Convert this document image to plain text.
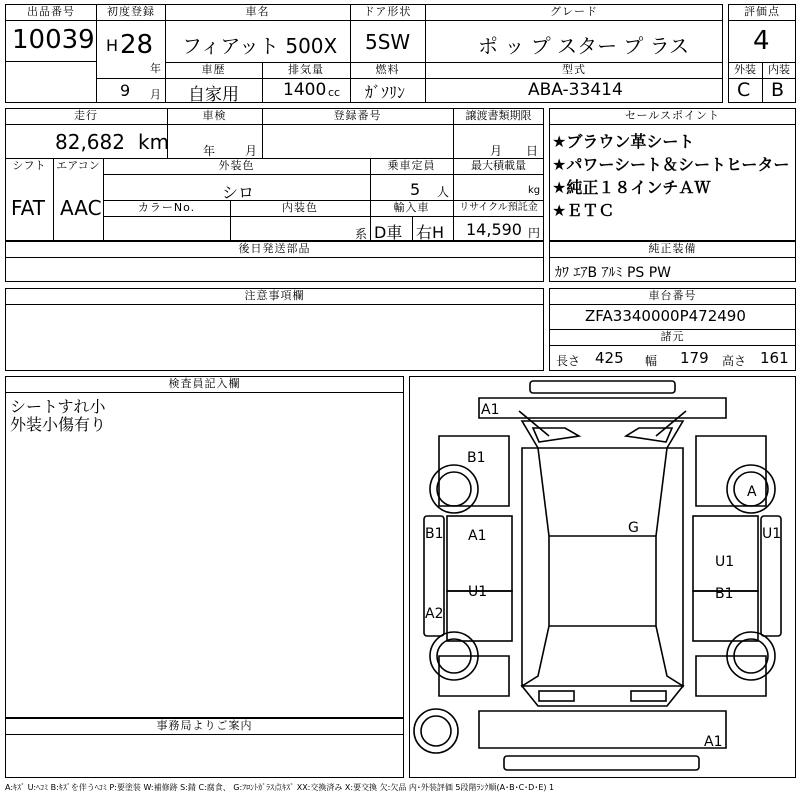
出品番号
10039
初度登録
H 28
年
9 月
車名
フィアット 500X
ドア形状
5SW
グレード
ポ ッ プ スター プ ラス
車歴
自家用
排気量
1400 cc
燃料
ｶﾞｿﾘﾝ
型式
ABA-33414
評価点
4
外装	内装
C B
走行
82,682 km
車検
年 月
登録番号	譲渡書類期限
月 日
シフト エアコン
FAT AAC
外装色
シロ
乗車定員
5 人
最大積載量
kg
カラーNo.	内装色
系
輸入車
D車 右H
リサイクル預託金
14,590 円
後日発送部品
セールスポイント
★ブラウン革シート
★パワーシート＆シートヒーター
★純正１８インチＡＷ
★ＥＴＣ
純正装備
ｶﾜ ｴｱB ｱﾙﾐ PS PW
注意事項欄	車台番号
ZFA3340000P472490
諸元
長さ 425 幅 179 高さ 161
検査員記入欄
シートすれ小
外装小傷有り
事務局よりご案内
A1
B1
A
B1	U1
A1
U1
U1	B1
A2
G
A1
A:ｷｽﾞ U:ﾍｺﾐ B:ｷｽﾞを伴うﾍｺﾐ P:要塗装 W:補修跡 S:錆 C:腐食、 G:ﾌﾛﾝﾄｶﾞﾗｽ点ｷｽﾞ XX:交換済み X:要交換 欠:欠品 内･外装評価 5段階ﾗﾝｸ順(A･B･C･D･E) 1
